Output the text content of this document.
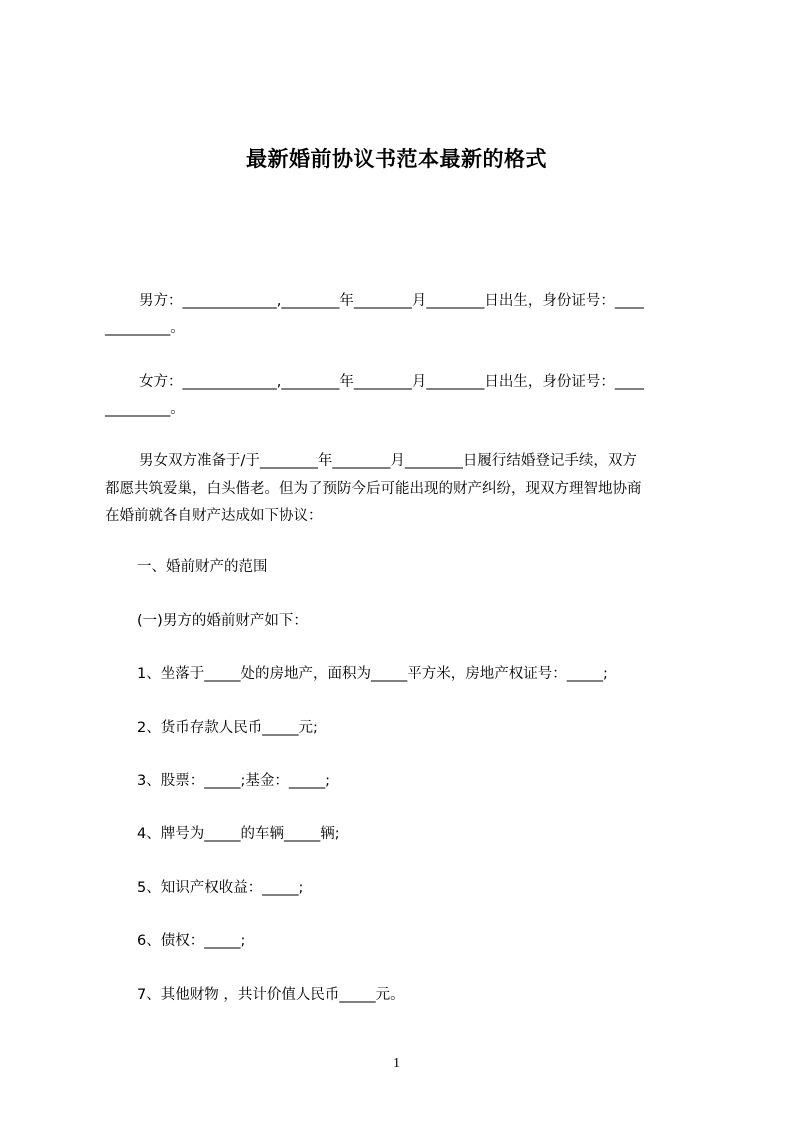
最新婚前协议书范本最新的格式
男方：_____________,________年________月________日出生，身份证号：____
_________。
女方：_____________,________年________月________日出生，身份证号：____
_________。
男女双方准备于/于________年________月________日履行结婚登记手续，双方
都愿共筑爱巢，白头偕老。但为了预防今后可能出现的财产纠纷，现双方理智地协商
在婚前就各自财产达成如下协议：
一、婚前财产的范围
(一)男方的婚前财产如下：
1、坐落于_____处的房地产，面积为_____平方米，房地产权证号：_____;
2、货币存款人民币_____元;
3、股票：_____;基金：_____;
4、牌号为_____的车辆_____辆;
5、知识产权收益：_____;
6、债权：_____;
7、其他财物 ，共计价值人民币_____元。
1
